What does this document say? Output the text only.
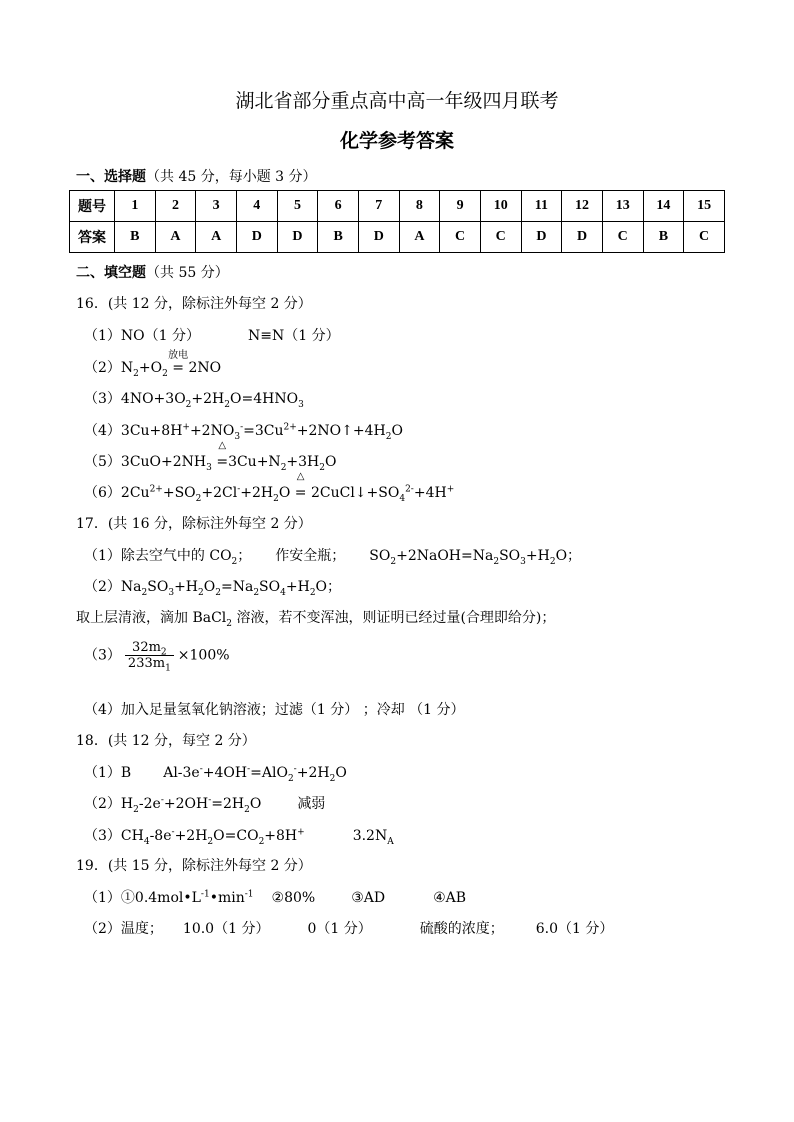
湖北省部分重点高中高一年级四月联考
化学参考答案
一、选择题（共 45 分，每小题 3 分）
题号	1	2	3	4	5	6	7	8	9	10	11	12	13	14	15
答案	B	A	A	D	D	B	D	A	C	C	D	D	C	B	C
二、填空题（共 55 分）
16．(共 12 分，除标注外每空 2 分）
（1）NO（1 分）	N≡N（1 分）
$(2)N_2+O_2$
放电
= 2NO
$(3)4NO+3O_2+2H_2O=4HNO_3$
$(4)3Cu+8H^++2NO_3^-=3Cu^{2+}+2NO↑+4H_2O$
$(5)3CuO+2NH_3$
△
$=3Cu+N_2+3H_2O$
$(6)2Cu^{2+}+SO_2+2Cl^-+2H_2O$
△
= $2CuCl↓+SO_4^{2-}+4H^+$
17．(共 16 分，除标注外每空 2 分）
（1）除去空气中的 $CO_2$； 作安全瓶； $SO_2+2NaOH=Na_2SO_3+H_2O$；
$(2)Na_2SO_3+H_2O_2=Na_2SO_4+H_2O$；
取上层清液，滴加 BaCl$_2$ 溶液，若不变浑浊，则证明已经过量(合理即给分)；
$(3) \frac{32m_2}{233m_1} \times 100\%$
（4）加入足量氢氧化钠溶液；过滤（1 分） ；冷却 （1 分）
18．(共 12 分，每空 2 分）
（1）B $Al-3e^-+4OH^-=AlO_2^-+2H_2O$
$(2)H_2-2e^-+2OH^-=2H_2O$	减弱
$(3)CH_4-8e^-+2H_2O=CO_2+8H^+$	$3.2N_A$
19．(共 15 分，除标注外每空 2 分）
$(1)①0.4mol•L^{-1}•\min^{-1}$ ②80%	③AD	④AB
（2）温度； 10.0（1 分）	0（1 分）	硫酸的浓度； 6.0（1 分）
